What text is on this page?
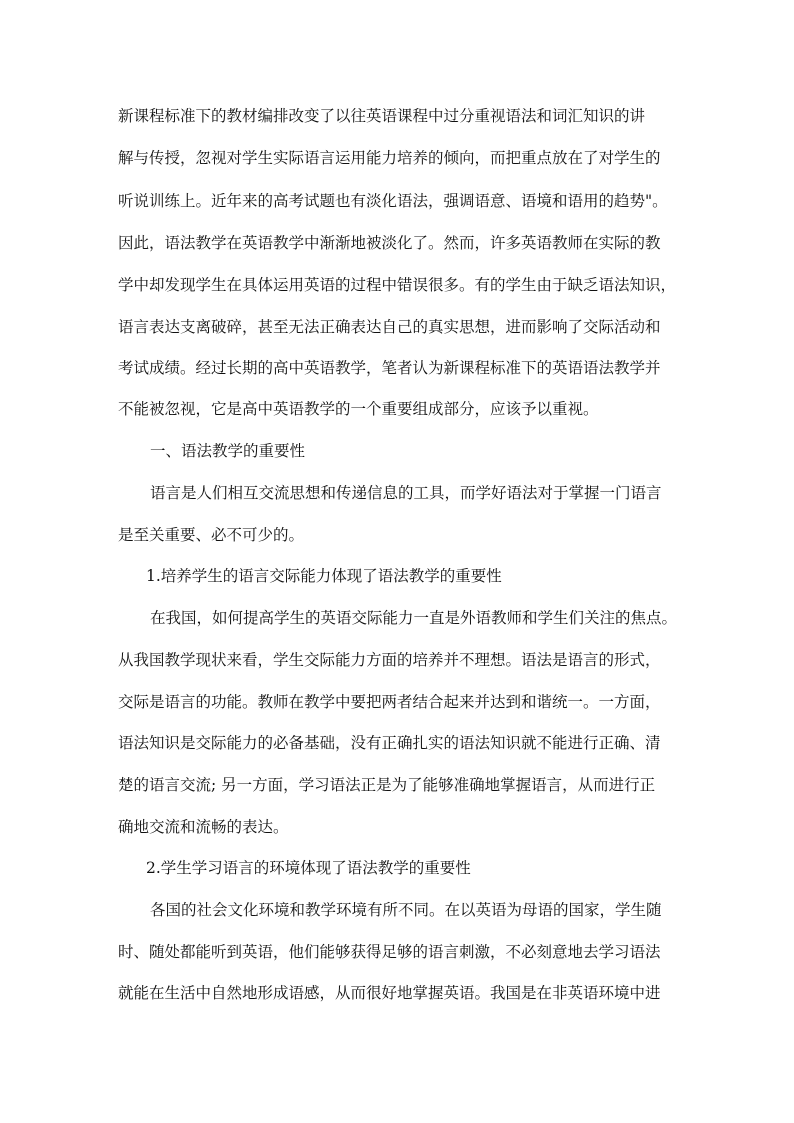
新课程标准下的教材编排改变了以往英语课程中过分重视语法和词汇知识的讲
解与传授，忽视对学生实际语言运用能力培养的倾向，而把重点放在了对学生的
听说训练上。近年来的高考试题也有淡化语法，强调语意、语境和语用的趋势"。
因此，语法教学在英语教学中渐渐地被淡化了。然而，许多英语教师在实际的教
学中却发现学生在具体运用英语的过程中错误很多。有的学生由于缺乏语法知识，
语言表达支离破碎，甚至无法正确表达自己的真实思想，进而影响了交际活动和
考试成绩。经过长期的高中英语教学，笔者认为新课程标准下的英语语法教学并
不能被忽视，它是高中英语教学的一个重要组成部分，应该予以重视。
一、语法教学的重要性
语言是人们相互交流思想和传递信息的工具，而学好语法对于掌握一门语言
是至关重要、必不可少的。
1.培养学生的语言交际能力体现了语法教学的重要性
在我国，如何提高学生的英语交际能力一直是外语教师和学生们关注的焦点。
从我国教学现状来看，学生交际能力方面的培养并不理想。语法是语言的形式，
交际是语言的功能。教师在教学中要把两者结合起来并达到和谐统一。一方面，
语法知识是交际能力的必备基础，没有正确扎实的语法知识就不能进行正确、清
楚的语言交流; 另一方面，学习语法正是为了能够准确地掌握语言，从而进行正
确地交流和流畅的表达。
2.学生学习语言的环境体现了语法教学的重要性
各国的社会文化环境和教学环境有所不同。在以英语为母语的国家，学生随
时、随处都能听到英语，他们能够获得足够的语言刺激，不必刻意地去学习语法
就能在生活中自然地形成语感，从而很好地掌握英语。我国是在非英语环境中进
